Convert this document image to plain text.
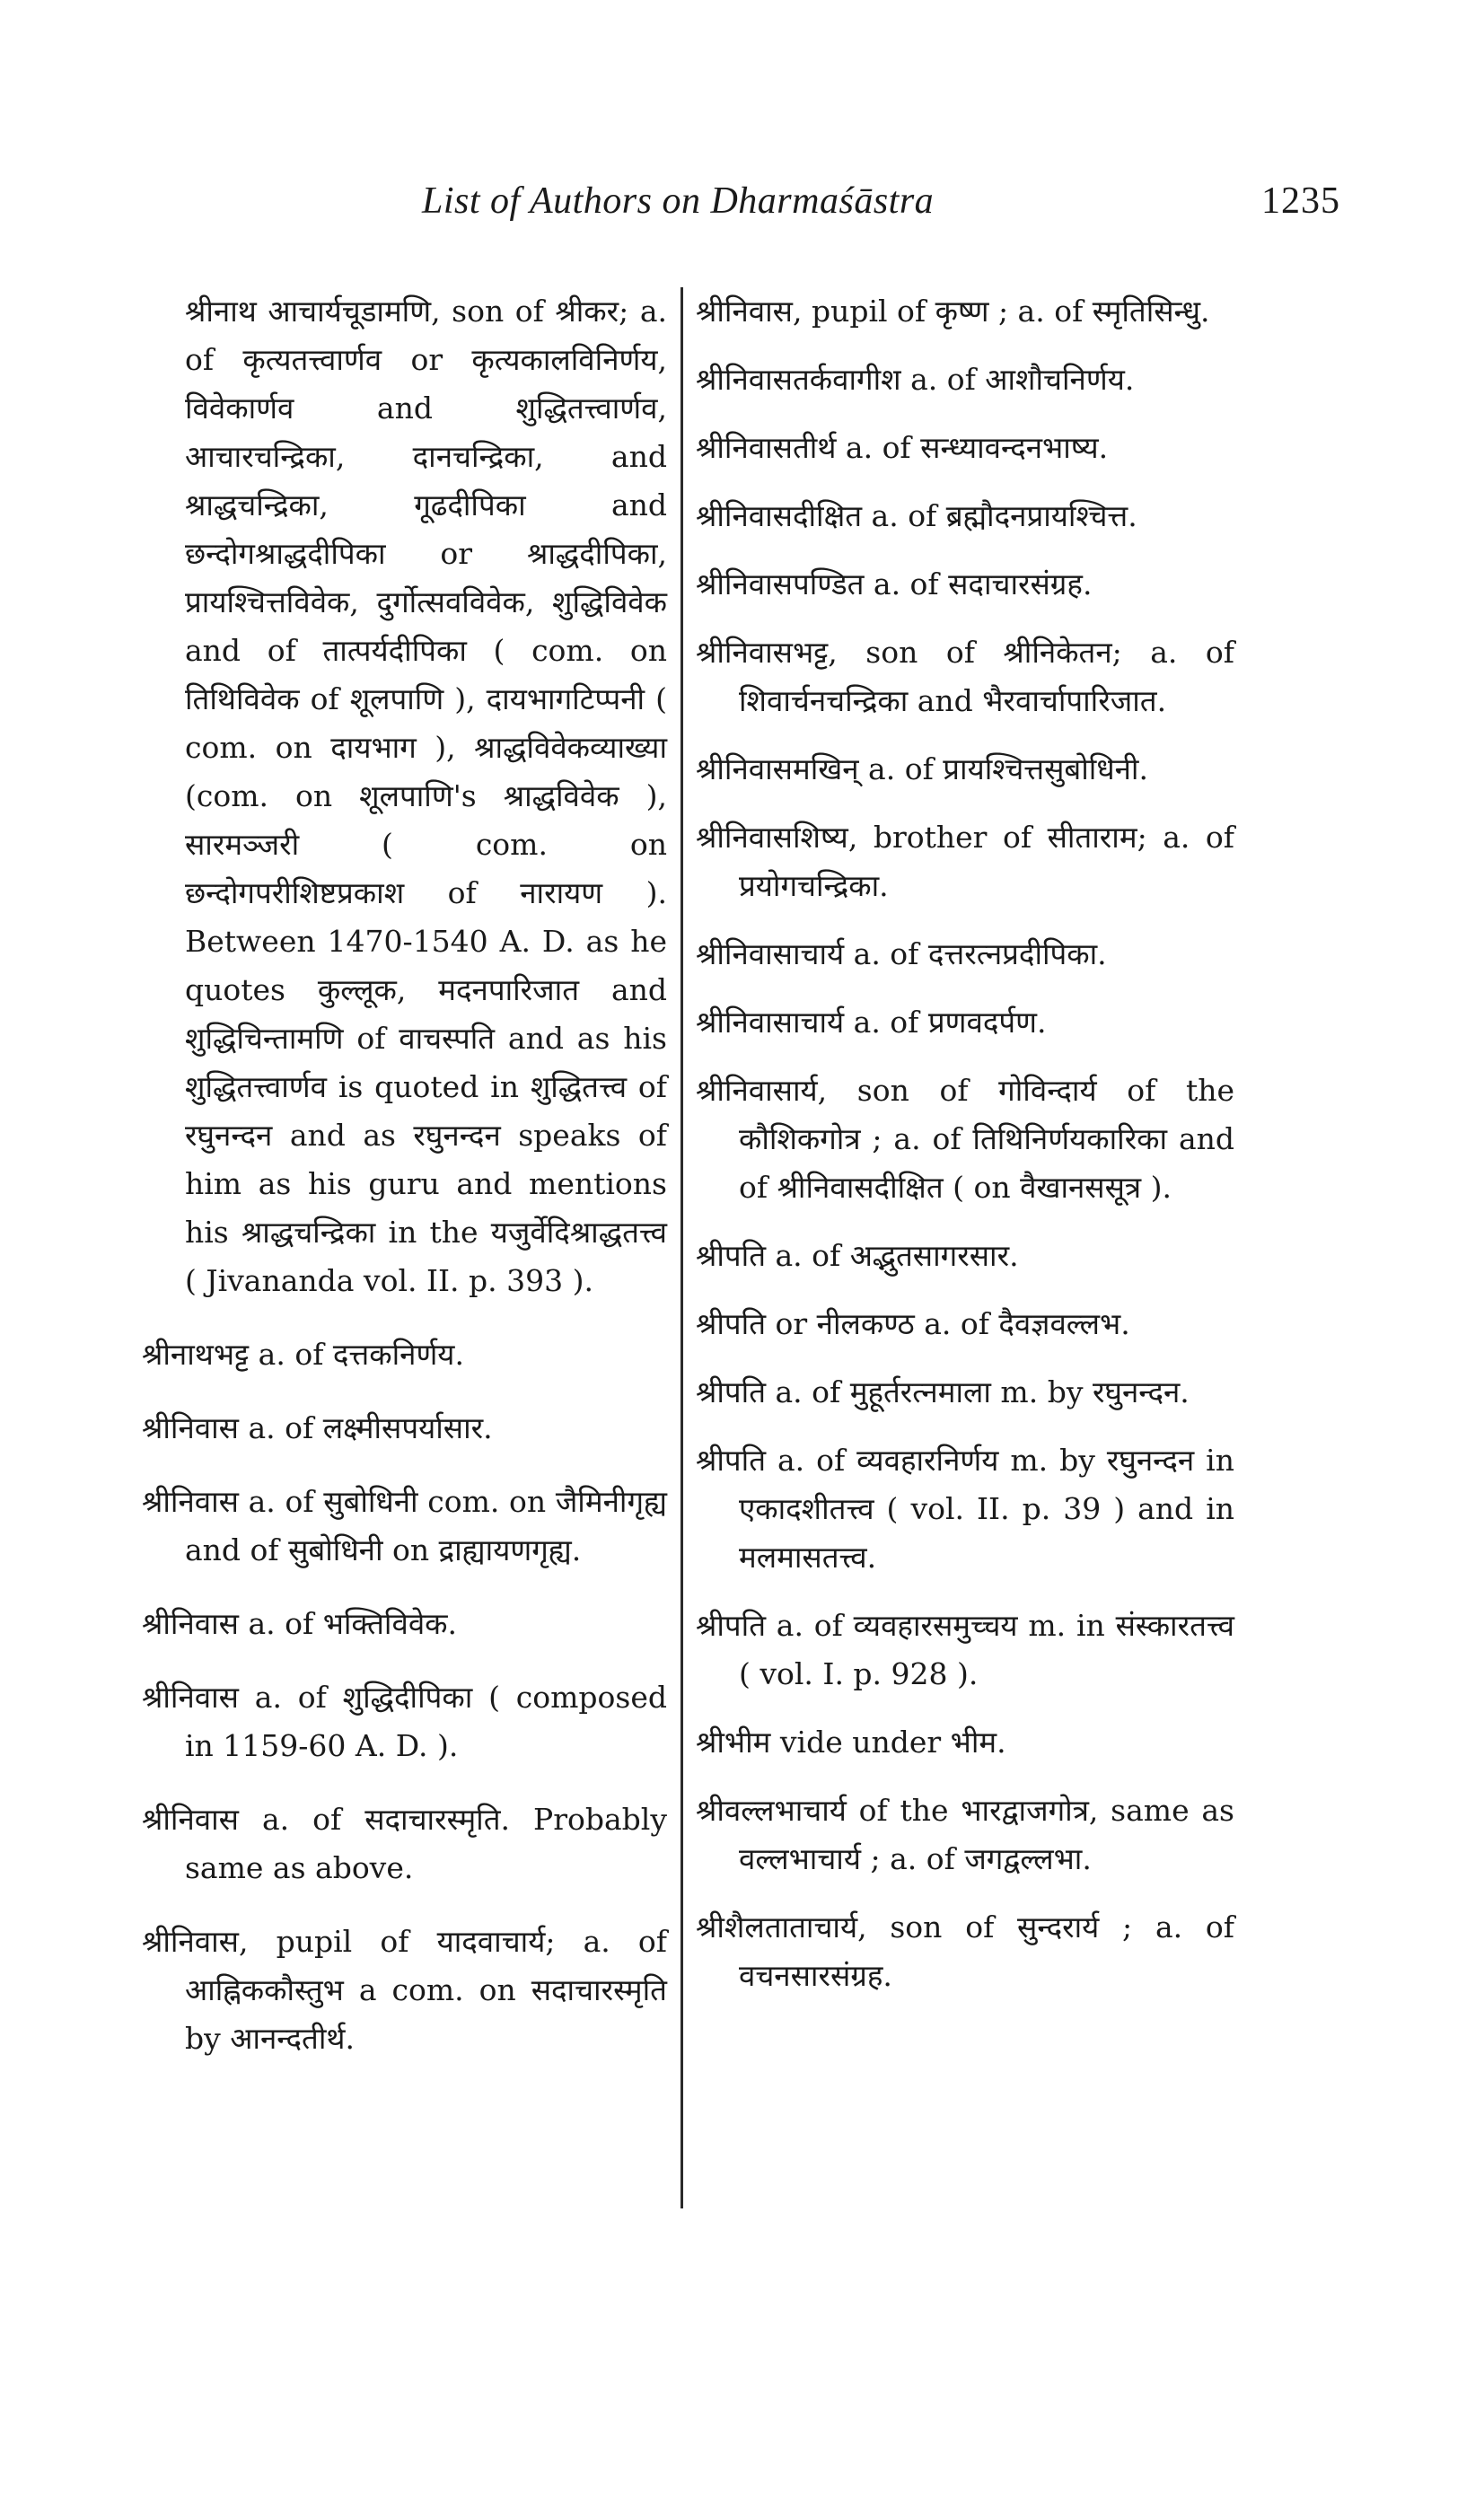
List of Authors on Dharmaśāstra	1235

श्रीनाथ आचार्यचूडामणि, son of श्रीकर; a. of कृत्यतत्त्वार्णव or कृत्यकालविनिर्णय, विवेकार्णव and शुद्धितत्त्वार्णव, आचारचन्द्रिका, दानचन्द्रिका, and श्राद्धचन्द्रिका, गूढदीपिका and छन्दोगश्राद्धदीपिका or श्राद्धदीपिका, प्रायश्चित्तविवेक, दुर्गोत्सवविवेक, शुद्धिविवेक and of तात्पर्यदीपिका ( com. on तिथिविवेक of शूलपाणि ), दायभागटिप्पनी ( com. on दायभाग ), श्राद्धविवेकव्याख्या (com. on शूलपाणि's श्राद्धविवेक ), सारमञ्जरी ( com. on छन्दोगपरीशिष्टप्रकाश of नारायण ). Between 1470-1540 A. D. as he quotes कुल्लूक, मदनपारिजात and शुद्धिचिन्तामणि of वाचस्पति and as his शुद्धितत्त्वार्णव is quoted in शुद्धितत्त्व of रघुनन्दन and as रघुनन्दन speaks of him as his guru and mentions his श्राद्धचन्द्रिका in the यजुर्वेदिश्राद्धतत्त्व ( Jivananda vol. II. p. 393 ).

श्रीनाथभट्ट a. of दत्तकनिर्णय.

श्रीनिवास a. of लक्ष्मीसपर्यासार.

श्रीनिवास a. of सुबोधिनी com. on जैमिनीगृह्य and of सुबोधिनी on द्राह्यायणगृह्य.

श्रीनिवास a. of भक्तिविवेक.

श्रीनिवास a. of शुद्धिदीपिका ( composed in 1159-60 A. D. ).

श्रीनिवास a. of सदाचारस्मृति. Probably same as above.

श्रीनिवास, pupil of यादवाचार्य; a. of आह्निककौस्तुभ a com. on सदाचारस्मृति by आनन्दतीर्थ.

श्रीनिवास, pupil of कृष्ण ; a. of स्मृतिसिन्धु.

श्रीनिवासतर्कवागीश a. of आशौचनिर्णय.

श्रीनिवासतीर्थ a. of सन्ध्यावन्दनभाष्य.

श्रीनिवासदीक्षित a. of ब्रह्मौदनप्रायश्चित्त.

श्रीनिवासपण्डित a. of सदाचारसंग्रह.

श्रीनिवासभट्ट, son of श्रीनिकेतन; a. of शिवार्चनचन्द्रिका and भैरवार्चापारिजात.

श्रीनिवासमखिन् a. of प्रायश्चित्तसुबोधिनी.

श्रीनिवासशिष्य, brother of सीताराम; a. of प्रयोगचन्द्रिका.

श्रीनिवासाचार्य a. of दत्तरत्नप्रदीपिका.

श्रीनिवासाचार्य a. of प्रणवदर्पण.

श्रीनिवासार्य, son of गोविन्दार्य of the कौशिकगोत्र ; a. of तिथिनिर्णयकारिका and of श्रीनिवासदीक्षित ( on वैखानससूत्र ).

श्रीपति a. of अद्भुतसागरसार.

श्रीपति or नीलकण्ठ a. of दैवज्ञवल्लभ.

श्रीपति a. of मुहूर्तरत्नमाला m. by रघुनन्दन.

श्रीपति a. of व्यवहारनिर्णय m. by रघुनन्दन in एकादशीतत्त्व ( vol. II. p. 39 ) and in मलमासतत्त्व.

श्रीपति a. of व्यवहारसमुच्चय m. in संस्कारतत्त्व ( vol. I. p. 928 ).

श्रीभीम vide under भीम.

श्रीवल्लभाचार्य of the भारद्वाजगोत्र, same as वल्लभाचार्य ; a. of जगद्वल्लभा.

श्रीशैलताताचार्य, son of सुन्दरार्य ; a. of वचनसारसंग्रह.
